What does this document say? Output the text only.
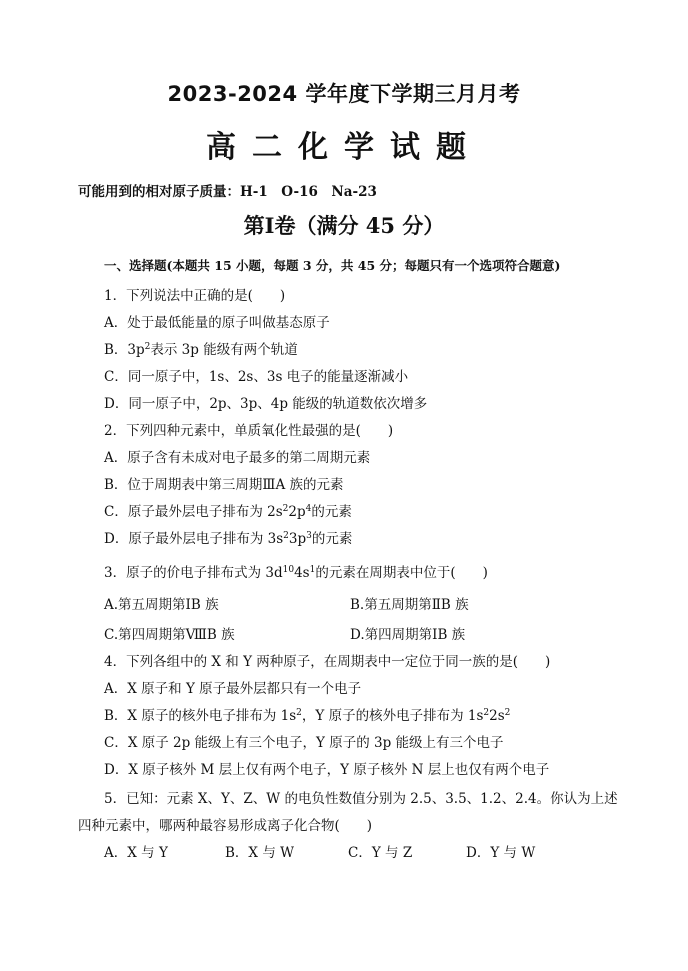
2023-2024 学年度下学期三月月考
高二化学试题
可能用到的相对原子质量：H-1　O-16　Na-23
第Ⅰ卷（满分 45 分）
一、选择题(本题共 15 小题，每题 3 分，共 45 分；每题只有一个选项符合题意)
1．下列说法中正确的是(　　)
A．处于最低能量的原子叫做基态原子
B．$3p^2$表示 3p 能级有两个轨道
C．同一原子中，1s、2s、3s 电子的能量逐渐减小
D．同一原子中，2p、3p、4p 能级的轨道数依次增多
2．下列四种元素中，单质氧化性最强的是(　　)
A．原子含有未成对电子最多的第二周期元素
B．位于周期表中第三周期ⅢA 族的元素
C．原子最外层电子排布为 $2s^22p^4$的元素
D．原子最外层电子排布为 $3s^23p^3$的元素
3．原子的价电子排布式为 $3d^{10}4s^1$的元素在周期表中位于(　　)
A.第五周期第ⅠB 族	B.第五周期第ⅡB 族
C.第四周期第ⅧB 族	D.第四周期第ⅠB 族
4．下列各组中的 X 和 Y 两种原子，在周期表中一定位于同一族的是(　　)
A．X 原子和 Y 原子最外层都只有一个电子
B．X 原子的核外电子排布为 $1s^2$，Y 原子的核外电子排布为 $1s^22s^2$
C．X 原子 2p 能级上有三个电子，Y 原子的 3p 能级上有三个电子
D．X 原子核外 M 层上仅有两个电子，Y 原子核外 N 层上也仅有两个电子
5．已知：元素 X、Y、Z、W 的电负性数值分别为 2.5、3.5、1.2、2.4。你认为上述
四种元素中，哪两种最容易形成离子化合物(　　)
A．X 与 Y	B．X 与 W	C．Y 与 Z	D．Y 与 W
